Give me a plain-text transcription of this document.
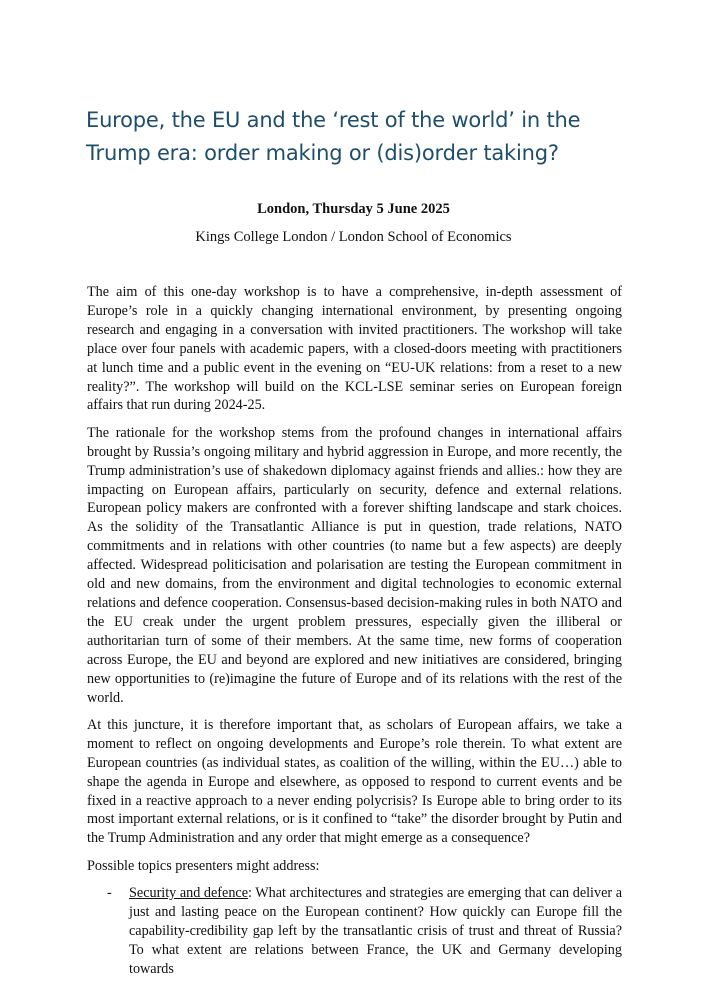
Europe, the EU and the ‘rest of the world’ in the Trump era: order making or (dis)order taking?
London, Thursday 5 June 2025
Kings College London / London School of Economics

The aim of this one-day workshop is to have a comprehensive, in-depth assessment of Europe’s role in a quickly changing international environment, by presenting ongoing research and engaging in a conversation with invited practitioners. The workshop will take place over four panels with academic papers, with a closed-doors meeting with practitioners at lunch time and a public event in the evening on “EU-UK relations: from a reset to a new reality?”. The workshop will build on the KCL-LSE seminar series on European foreign affairs that run during 2024-25.

The rationale for the workshop stems from the profound changes in international affairs brought by Russia’s ongoing military and hybrid aggression in Europe, and more recently, the Trump administration’s use of shakedown diplomacy against friends and allies.: how they are impacting on European affairs, particularly on security, defence and external relations. European policy makers are confronted with a forever shifting landscape and stark choices. As the solidity of the Transatlantic Alliance is put in question, trade relations, NATO commitments and in relations with other countries (to name but a few aspects) are deeply affected. Widespread politicisation and polarisation are testing the European commitment in old and new domains, from the environment and digital technologies to economic external relations and defence cooperation. Consensus-based decision-making rules in both NATO and the EU creak under the urgent problem pressures, especially given the illiberal or authoritarian turn of some of their members. At the same time, new forms of cooperation across Europe, the EU and beyond are explored and new initiatives are considered, bringing new opportunities to (re)imagine the future of Europe and of its relations with the rest of the world.

At this juncture, it is therefore important that, as scholars of European affairs, we take a moment to reflect on ongoing developments and Europe’s role therein. To what extent are European countries (as individual states, as coalition of the willing, within the EU…) able to shape the agenda in Europe and elsewhere, as opposed to respond to current events and be fixed in a reactive approach to a never ending polycrisis? Is Europe able to bring order to its most important external relations, or is it confined to “take” the disorder brought by Putin and the Trump Administration and any order that might emerge as a consequence?

Possible topics presenters might address:

- Security and defence: What architectures and strategies are emerging that can deliver a just and lasting peace on the European continent? How quickly can Europe fill the capability-credibility gap left by the transatlantic crisis of trust and threat of Russia? To what extent are relations between France, the UK and Germany developing towards
